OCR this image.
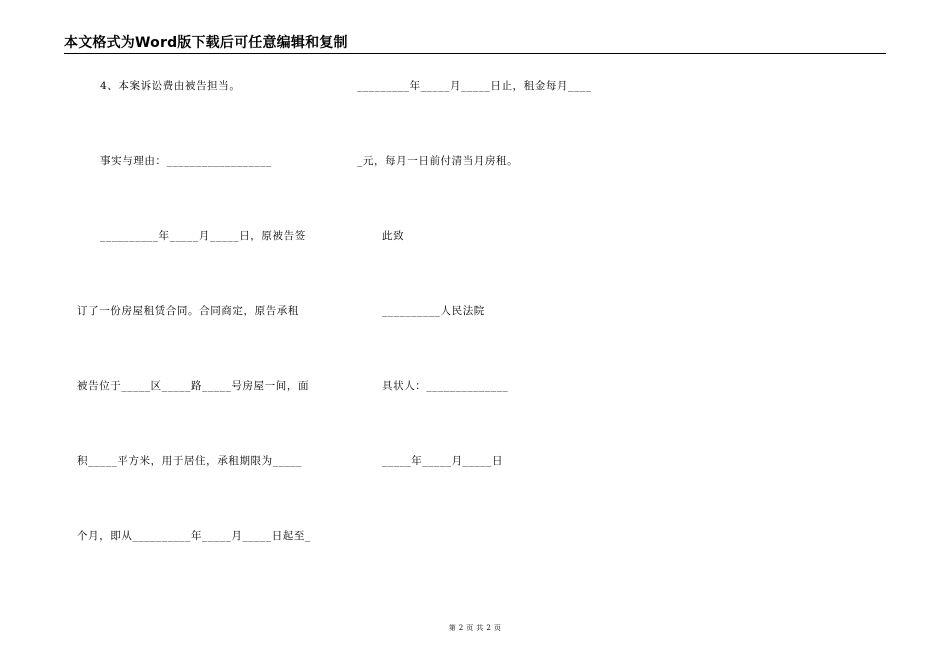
本文格式为Word版下载后可任意编辑和复制
4、本案诉讼费由被告担当。
事实与理由：__________________
__________年_____月_____日，原被告签
订了一份房屋租赁合同。合同商定，原告承租
被告位于_____区_____路_____号房屋一间，面
积_____平方米，用于居住，承租期限为_____
个月，即从__________年_____月_____日起至_
_________年_____月_____日止，租金每月____
_元，每月一日前付清当月房租。
此致
__________人民法院
具状人：______________
_____年_____月_____日
第 2 页 共 2 页
